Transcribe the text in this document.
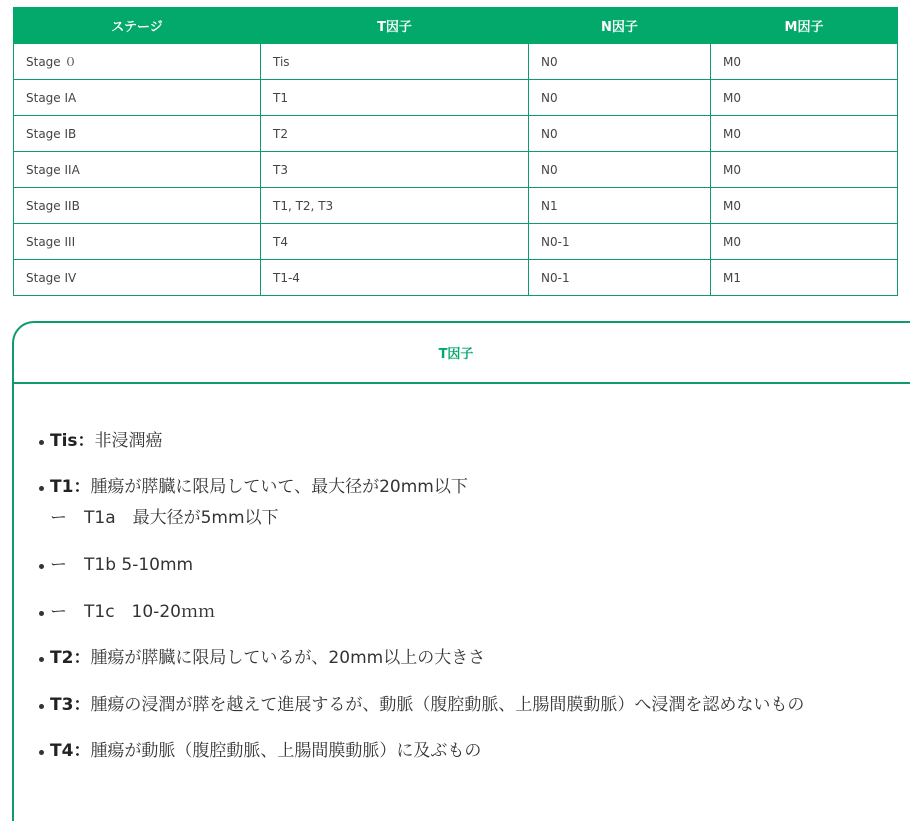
ステージ	T因子	N因子	M因子
Stage ０	Tis	N0	M0
Stage IA	T1	N0	M0
Stage IB	T2	N0	M0
Stage IIA	T3	N0	M0
Stage IIB	T1, T2, T3	N1	M0
Stage III	T4	N0-1	M0
Stage IV	T1-4	N0-1	M1
T因子
Tis：非浸潤癌
T1：腫瘍が膵臓に限局していて、最大径が20mm以下
ー　T1a　最大径が5mm以下
ー　T1b 5-10mm
ー　T1c　10-20ｍｍ
T2：腫瘍が膵臓に限局しているが、20mm以上の大きさ
T3：腫瘍の浸潤が膵を越えて進展するが、動脈（腹腔動脈、上腸間膜動脈）へ浸潤を認めないもの
T4：腫瘍が動脈（腹腔動脈、上腸間膜動脈）に及ぶもの
